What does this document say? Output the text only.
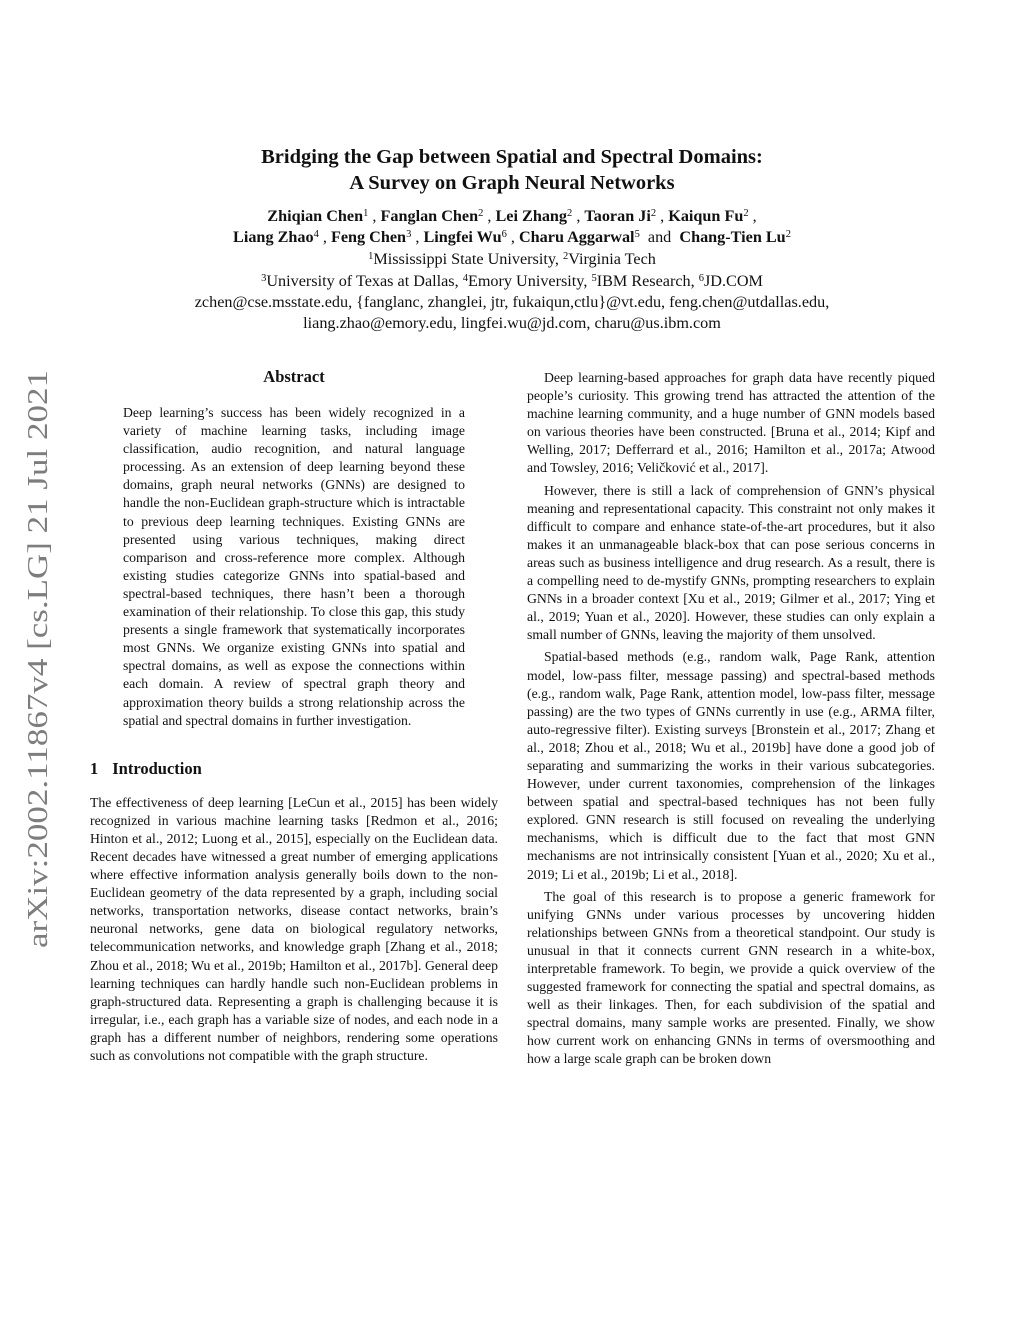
arXiv:2002.11867v4 [cs.LG] 21 Jul 2021
Bridging the Gap between Spatial and Spectral Domains:
A Survey on Graph Neural Networks
Zhiqian Chen$^1$ , Fanglan Chen$^2$ , Lei Zhang$^2$ , Taoran Ji$^2$ , Kaiqun Fu$^2$ ,
Liang Zhao$^4$ , Feng Chen$^3$ , Lingfei Wu$^6$ , Charu Aggarwal$^5$ and Chang-Tien Lu$^2$
$^1$Mississippi State University, $^2$Virginia Tech
$^3$University of Texas at Dallas, $^4$Emory University, $^5$IBM Research, $^6$JD.COM
zchen@cse.msstate.edu, {fanglanc, zhanglei, jtr, fukaiqun,ctlu}@vt.edu, feng.chen@utdallas.edu,
liang.zhao@emory.edu, lingfei.wu@jd.com, charu@us.ibm.com
Abstract

Deep learning’s success has been widely recognized in a variety of machine learning tasks, including image classification, audio recognition, and natural language processing. As an extension of deep learning beyond these domains, graph neural networks (GNNs) are designed to handle the non-Euclidean graph-structure which is intractable to previous deep learning techniques. Existing GNNs are presented using various techniques, making direct comparison and cross-reference more complex. Although existing studies categorize GNNs into spatial-based and spectral-based techniques, there hasn’t been a thorough examination of their relationship. To close this gap, this study presents a single framework that systematically incorporates most GNNs. We organize existing GNNs into spatial and spectral domains, as well as expose the connections within each domain. A review of spectral graph theory and approximation theory builds a strong relationship across the spatial and spectral domains in further investigation.

1 Introduction

The effectiveness of deep learning [LeCun et al., 2015] has been widely recognized in various machine learning tasks [Redmon et al., 2016; Hinton et al., 2012; Luong et al., 2015], especially on the Euclidean data. Recent decades have witnessed a great number of emerging applications where effective information analysis generally boils down to the non-Euclidean geometry of the data represented by a graph, including social networks, transportation networks, disease contact networks, brain’s neuronal networks, gene data on biological regulatory networks, telecommunication networks, and knowledge graph [Zhang et al., 2018; Zhou et al., 2018; Wu et al., 2019b; Hamilton et al., 2017b]. General deep learning techniques can hardly handle such non-Euclidean problems in graph-structured data. Representing a graph is challenging because it is irregular, i.e., each graph has a variable size of nodes, and each node in a graph has a different number of neighbors, rendering some operations such as convolutions not compatible with the graph structure.

Deep learning-based approaches for graph data have recently piqued people’s curiosity. This growing trend has attracted the attention of the machine learning community, and a huge number of GNN models based on various theories have been constructed. [Bruna et al., 2014; Kipf and Welling, 2017; Defferrard et al., 2016; Hamilton et al., 2017a; Atwood and Towsley, 2016; Veličković et al., 2017].

However, there is still a lack of comprehension of GNN’s physical meaning and representational capacity. This constraint not only makes it difficult to compare and enhance state-of-the-art procedures, but it also makes it an unmanageable black-box that can pose serious concerns in areas such as business intelligence and drug research. As a result, there is a compelling need to de-mystify GNNs, prompting researchers to explain GNNs in a broader context [Xu et al., 2019; Gilmer et al., 2017; Ying et al., 2019; Yuan et al., 2020]. However, these studies can only explain a small number of GNNs, leaving the majority of them unsolved.

Spatial-based methods (e.g., random walk, Page Rank, attention model, low-pass filter, message passing) and spectral-based methods (e.g., random walk, Page Rank, attention model, low-pass filter, message passing) are the two types of GNNs currently in use (e.g., ARMA filter, auto-regressive filter). Existing surveys [Bronstein et al., 2017; Zhang et al., 2018; Zhou et al., 2018; Wu et al., 2019b] have done a good job of separating and summarizing the works in their various subcategories. However, under current taxonomies, comprehension of the linkages between spatial and spectral-based techniques has not been fully explored. GNN research is still focused on revealing the underlying mechanisms, which is difficult due to the fact that most GNN mechanisms are not intrinsically consistent [Yuan et al., 2020; Xu et al., 2019; Li et al., 2019b; Li et al., 2018].

The goal of this research is to propose a generic framework for unifying GNNs under various processes by uncovering hidden relationships between GNNs from a theoretical standpoint. Our study is unusual in that it connects current GNN research in a white-box, interpretable framework. To begin, we provide a quick overview of the suggested framework for connecting the spatial and spectral domains, as well as their linkages. Then, for each subdivision of the spatial and spectral domains, many sample works are presented. Finally, we show how current work on enhancing GNNs in terms of oversmoothing and how a large scale graph can be broken down
